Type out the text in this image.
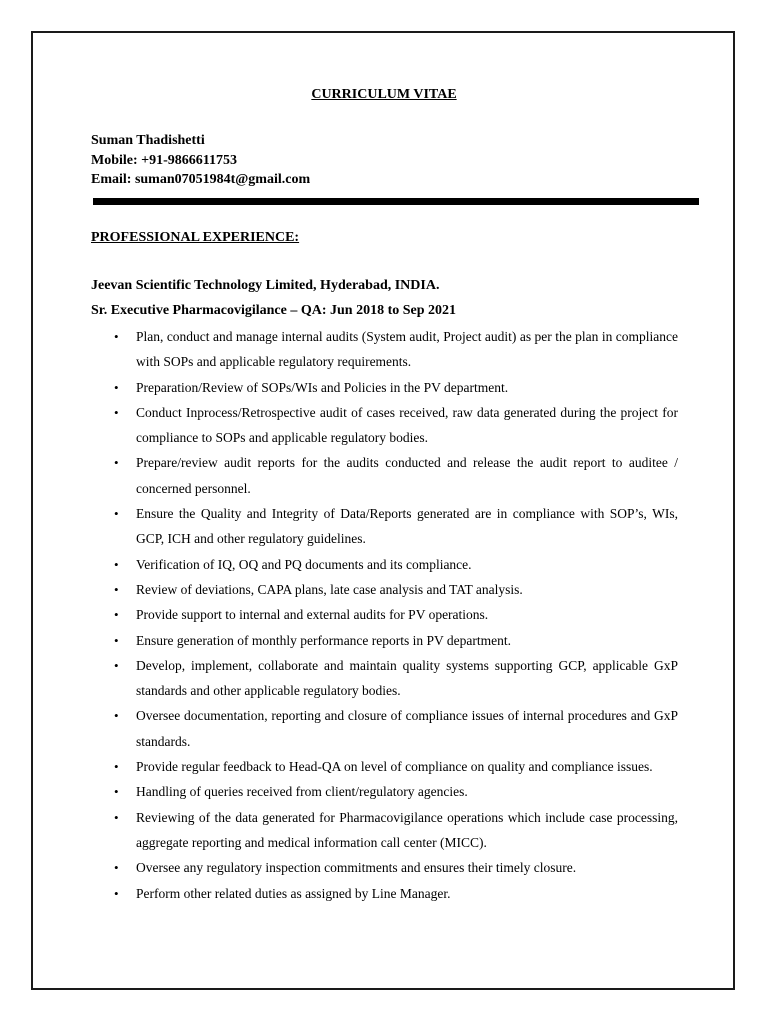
CURRICULUM VITAE
Suman Thadishetti
Mobile: +91-9866611753
Email: suman07051984t@gmail.com
PROFESSIONAL EXPERIENCE:
Jeevan Scientific Technology Limited, Hyderabad, INDIA.
Sr. Executive Pharmacovigilance – QA: Jun 2018 to Sep 2021
• Plan, conduct and manage internal audits (System audit, Project audit) as per the plan in compliance with SOPs and applicable regulatory requirements.
• Preparation/Review of SOPs/WIs and Policies in the PV department.
• Conduct Inprocess/Retrospective audit of cases received, raw data generated during the project for compliance to SOPs and applicable regulatory bodies.
• Prepare/review audit reports for the audits conducted and release the audit report to auditee / concerned personnel.
• Ensure the Quality and Integrity of Data/Reports generated are in compliance with SOP’s, WIs, GCP, ICH and other regulatory guidelines.
• Verification of IQ, OQ and PQ documents and its compliance.
• Review of deviations, CAPA plans, late case analysis and TAT analysis.
• Provide support to internal and external audits for PV operations.
• Ensure generation of monthly performance reports in PV department.
• Develop, implement, collaborate and maintain quality systems supporting GCP, applicable GxP standards and other applicable regulatory bodies.
• Oversee documentation, reporting and closure of compliance issues of internal procedures and GxP standards.
• Provide regular feedback to Head-QA on level of compliance on quality and compliance issues.
• Handling of queries received from client/regulatory agencies.
• Reviewing of the data generated for Pharmacovigilance operations which include case processing, aggregate reporting and medical information call center (MICC).
• Oversee any regulatory inspection commitments and ensures their timely closure.
• Perform other related duties as assigned by Line Manager.
